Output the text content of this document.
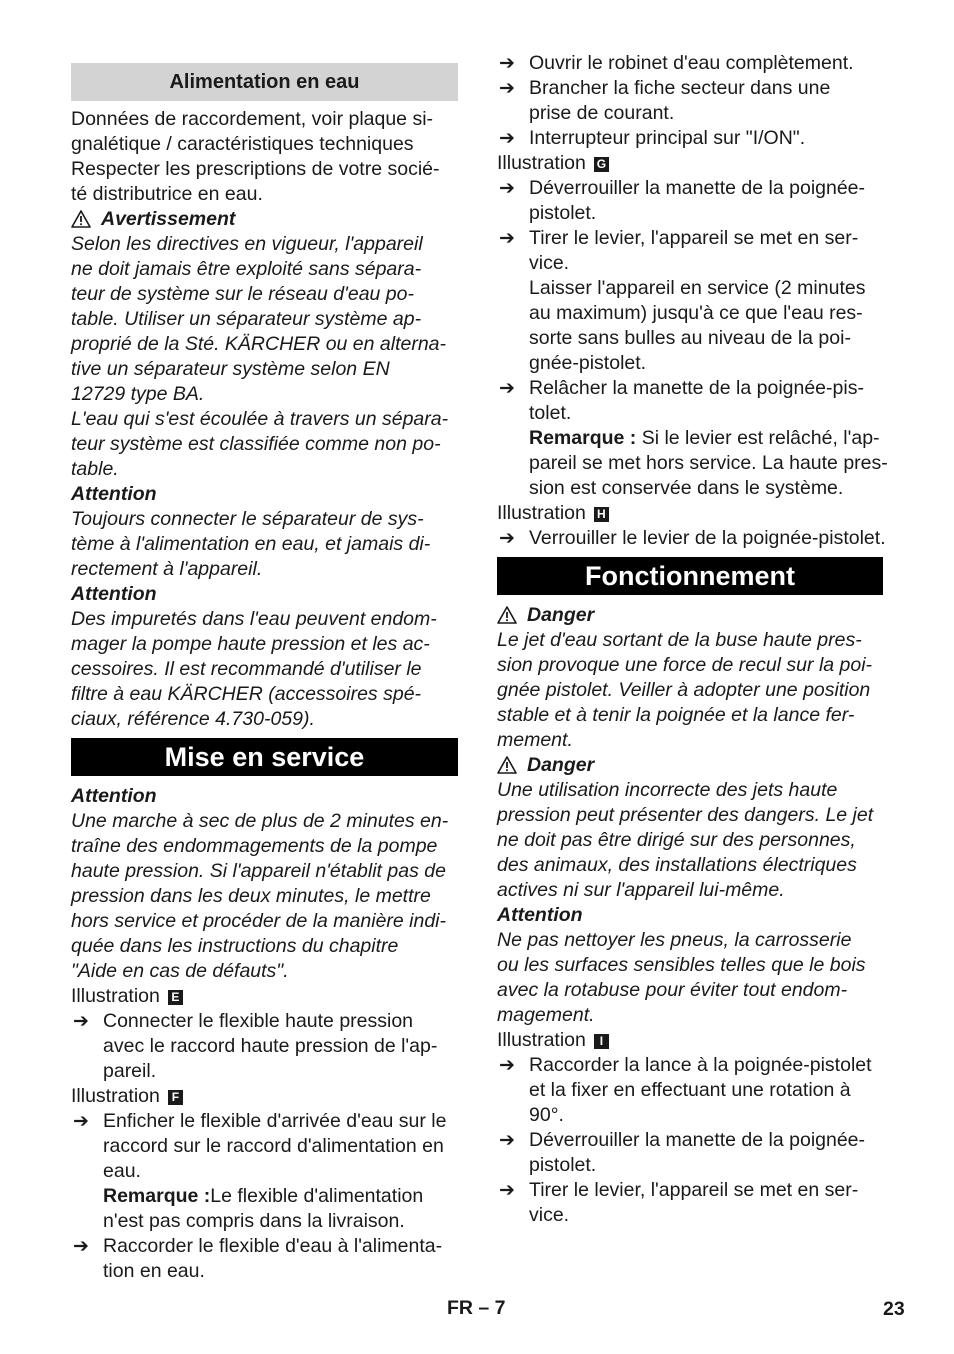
Alimentation en eau
Données de raccordement, voir plaque si-
gnalétique / caractéristiques techniques
Respecter les prescriptions de votre socié-
té distributrice en eau.
Avertissement
Selon les directives en vigueur, l'appareil
ne doit jamais être exploité sans sépara-
teur de système sur le réseau d'eau po-
table. Utiliser un séparateur système ap-
proprié de la Sté. KÄRCHER ou en alterna-
tive un séparateur système selon EN
12729 type BA.
L'eau qui s'est écoulée à travers un sépara-
teur système est classifiée comme non po-
table.
Attention
Toujours connecter le séparateur de sys-
tème à l'alimentation en eau, et jamais di-
rectement à l'appareil.
Attention
Des impuretés dans l'eau peuvent endom-
mager la pompe haute pression et les ac-
cessoires. Il est recommandé d'utiliser le
filtre à eau KÄRCHER (accessoires spé-
ciaux, référence 4.730-059).
Mise en service
Attention
Une marche à sec de plus de 2 minutes en-
traîne des endommagements de la pompe
haute pression. Si l'appareil n'établit pas de
pression dans les deux minutes, le mettre
hors service et procéder de la manière indi-
quée dans les instructions du chapitre
"Aide en cas de défauts".
Illustration E
➔ Connecter le flexible haute pression
avec le raccord haute pression de l'ap-
pareil.
Illustration F
➔ Enficher le flexible d'arrivée d'eau sur le
raccord sur le raccord d'alimentation en
eau.
Remarque :Le flexible d'alimentation
n'est pas compris dans la livraison.
➔ Raccorder le flexible d'eau à l'alimenta-
tion en eau.
➔ Ouvrir le robinet d'eau complètement.
➔ Brancher la fiche secteur dans une
prise de courant.
➔ Interrupteur principal sur "I/ON".
Illustration G
➔ Déverrouiller la manette de la poignée-
pistolet.
➔ Tirer le levier, l'appareil se met en ser-
vice.
Laisser l'appareil en service (2 minutes
au maximum) jusqu'à ce que l'eau res-
sorte sans bulles au niveau de la poi-
gnée-pistolet.
➔ Relâcher la manette de la poignée-pis-
tolet.
Remarque : Si le levier est relâché, l'ap-
pareil se met hors service. La haute pres-
sion est conservée dans le système.
Illustration H
➔ Verrouiller le levier de la poignée-pistolet.
Fonctionnement
Danger
Le jet d'eau sortant de la buse haute pres-
sion provoque une force de recul sur la poi-
gnée pistolet. Veiller à adopter une position
stable et à tenir la poignée et la lance fer-
mement.
Danger
Une utilisation incorrecte des jets haute
pression peut présenter des dangers. Le jet
ne doit pas être dirigé sur des personnes,
des animaux, des installations électriques
actives ni sur l'appareil lui-même.
Attention
Ne pas nettoyer les pneus, la carrosserie
ou les surfaces sensibles telles que le bois
avec la rotabuse pour éviter tout endom-
magement.
Illustration I
➔ Raccorder la lance à la poignée-pistolet
et la fixer en effectuant une rotation à
90°.
➔ Déverrouiller la manette de la poignée-
pistolet.
➔ Tirer le levier, l'appareil se met en ser-
vice.
FR – 7	23
